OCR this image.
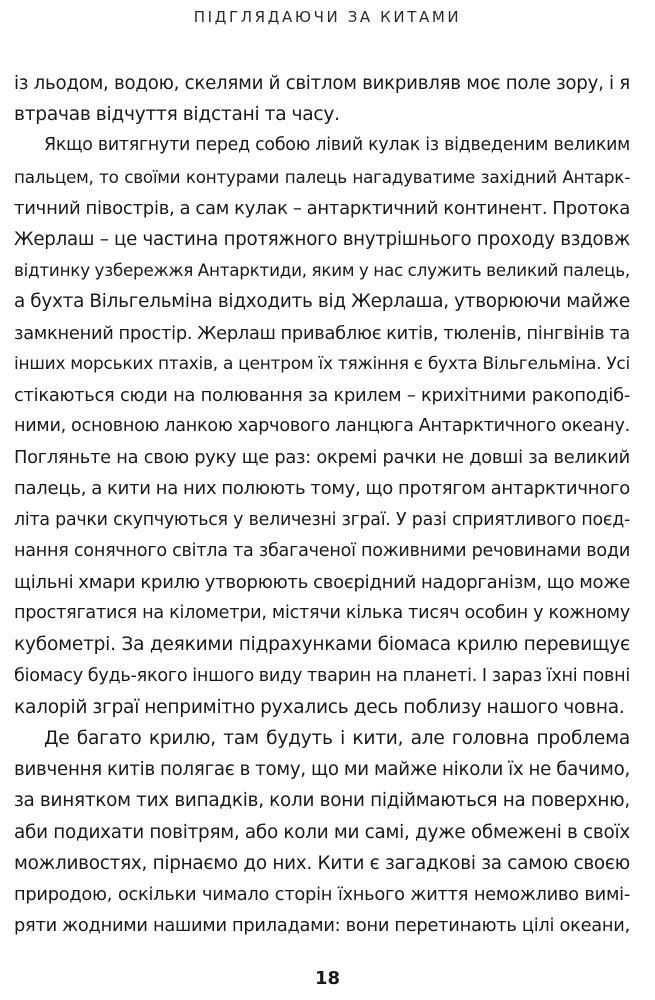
ПІДГЛЯДАЮЧИ ЗА КИТАМИ
із льодом, водою, скелями й світлом викривляв моє поле зору, і я
втрачав відчуття відстані та часу.
Якщо витягнути перед собою лівий кулак із відведеним великим
пальцем, то своїми контурами палець нагадуватиме західний Антарк-
тичний півострів, а сам кулак – антарктичний континент. Протока
Жерлаш – це частина протяжного внутрішнього проходу вздовж
відтинку узбережжя Антарктиди, яким у нас служить великий палець,
а бухта Вільгельміна відходить від Жерлаша, утворюючи майже
замкнений простір. Жерлаш приваблює китів, тюленів, пінгвінів та
інших морських птахів, а центром їх тяжіння є бухта Вільгельміна. Усі
стікаються сюди на полювання за крилем – крихітними ракоподіб-
ними, основною ланкою харчового ланцюга Антарктичного океану.
Погляньте на свою руку ще раз: окремі рачки не довші за великий
палець, а кити на них полюють тому, що протягом антарктичного
літа рачки скупчуються у величезні зграї. У разі сприятливого поєд-
нання сонячного світла та збагаченої поживними речовинами води
щільні хмари крилю утворюють своєрідний надорганізм, що може
простягатися на кілометри, містячи кілька тисяч особин у кожному
кубометрі. За деякими підрахунками біомаса крилю перевищує
біомасу будь-якого іншого виду тварин на планеті. І зараз їхні повні
калорій зграї непримітно рухались десь поблизу нашого човна.
Де багато крилю, там будуть і кити, але головна проблема
вивчення китів полягає в тому, що ми майже ніколи їх не бачимо,
за винятком тих випадків, коли вони підіймаються на поверхню,
аби подихати повітрям, або коли ми самі, дуже обмежені в своїх
можливостях, пірнаємо до них. Кити є загадкові за самою своєю
природою, оскільки чимало сторін їхнього життя неможливо вимі-
ряти жодними нашими приладами: вони перетинають цілі океани,
18
